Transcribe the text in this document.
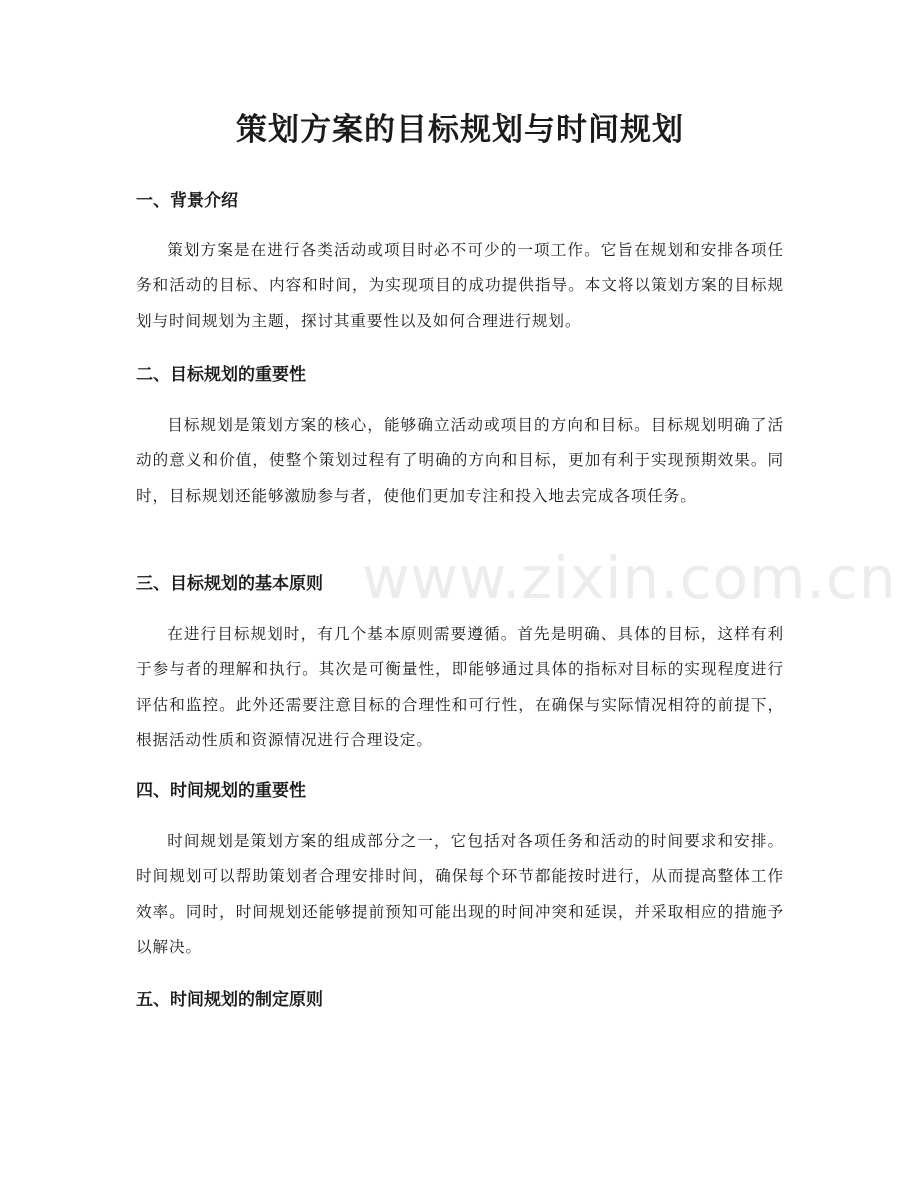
策划方案的目标规划与时间规划
www.zixin.com.cn
一、背景介绍

策划方案是在进行各类活动或项目时必不可少的一项工作。它旨在规划和安排各项任务和活动的目标、内容和时间，为实现项目的成功提供指导。本文将以策划方案的目标规划与时间规划为主题，探讨其重要性以及如何合理进行规划。

二、目标规划的重要性

目标规划是策划方案的核心，能够确立活动或项目的方向和目标。目标规划明确了活动的意义和价值，使整个策划过程有了明确的方向和目标，更加有利于实现预期效果。同时，目标规划还能够激励参与者，使他们更加专注和投入地去完成各项任务。

三、目标规划的基本原则

在进行目标规划时，有几个基本原则需要遵循。首先是明确、具体的目标，这样有利于参与者的理解和执行。其次是可衡量性，即能够通过具体的指标对目标的实现程度进行评估和监控。此外还需要注意目标的合理性和可行性，在确保与实际情况相符的前提下，根据活动性质和资源情况进行合理设定。

四、时间规划的重要性

时间规划是策划方案的组成部分之一，它包括对各项任务和活动的时间要求和安排。时间规划可以帮助策划者合理安排时间，确保每个环节都能按时进行，从而提高整体工作效率。同时，时间规划还能够提前预知可能出现的时间冲突和延误，并采取相应的措施予以解决。

五、时间规划的制定原则
